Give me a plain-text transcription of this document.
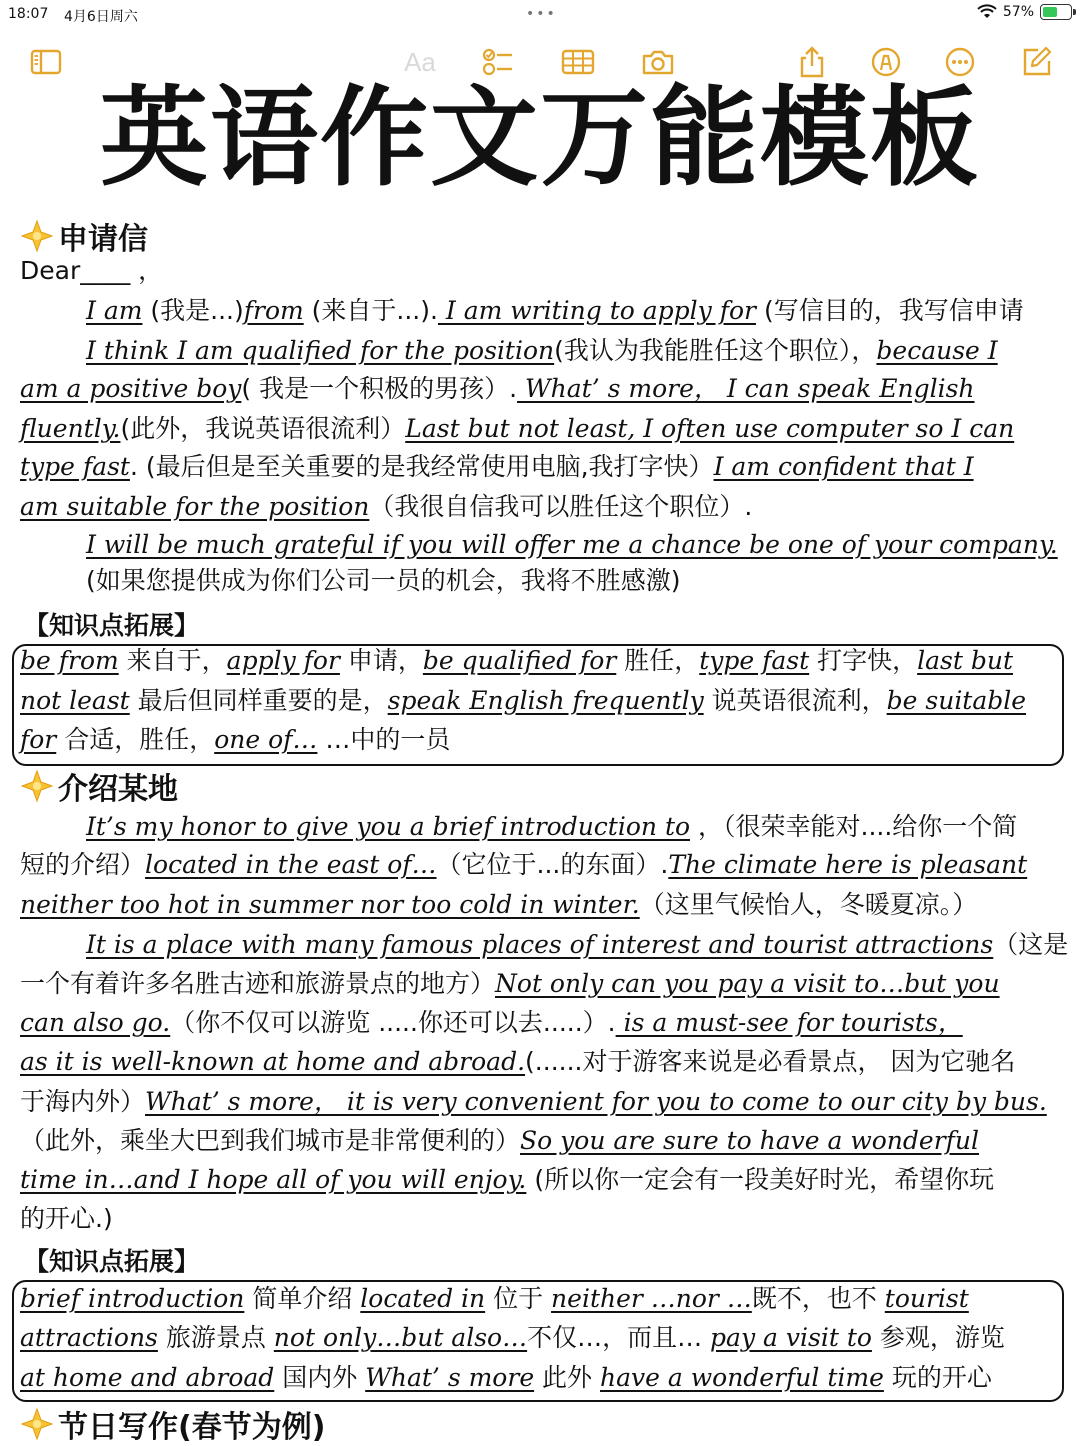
18:07 4月6日周六	•••	57%
Aa
英语作文万能模板
申请信
Dear____ ，
I am (我是...)from (来自于...). I am writing to apply for (写信目的，我写信申请
I think I am qualified for the position(我认为我能胜任这个职位），because I
am a positive boy( 我是一个积极的男孩）. What’ s more， I can speak English
fluently.(此外，我说英语很流利）Last but not least, I often use computer so I can
type fast. (最后但是至关重要的是我经常使用电脑,我打字快）I am confident that I
am suitable for the position（我很自信我可以胜任这个职位）.
I will be much grateful if you will offer me a chance be one of your company.
(如果您提供成为你们公司一员的机会，我将不胜感激)
【知识点拓展】
be from 来自于，apply for 申请，be qualified for 胜任，type fast 打字快，last but
not least 最后但同样重要的是，speak English frequently 说英语很流利，be suitable
for 合适，胜任，one of… …中的一员
介绍某地
It’s my honor to give you a brief introduction to ，（很荣幸能对....给你一个简
短的介绍）located in the east of…（它位于...的东面）.The climate here is pleasant
neither too hot in summer nor too cold in winter.（这里气候怡人，冬暖夏凉。）
It is a place with many famous places of interest and tourist attractions（这是
一个有着许多名胜古迹和旅游景点的地方）Not only can you pay a visit to…but you
can also go.（你不仅可以游览 .....你还可以去.....）. is a must-see for tourists，
as it is well-known at home and abroad.(......对于游客来说是必看景点， 因为它驰名
于海内外）What’ s more， it is very convenient for you to come to our city by bus.
（此外，乘坐大巴到我们城市是非常便利的）So you are sure to have a wonderful
time in…and I hope all of you will enjoy. (所以你一定会有一段美好时光，希望你玩
的开心.)
【知识点拓展】
brief introduction 简单介绍 located in 位于 neither …nor …既不，也不 tourist
attractions 旅游景点 not only…but also…不仅…，而且… pay a visit to 参观，游览
at home and abroad 国内外 What’ s more 此外 have a wonderful time 玩的开心
节日写作(春节为例)
